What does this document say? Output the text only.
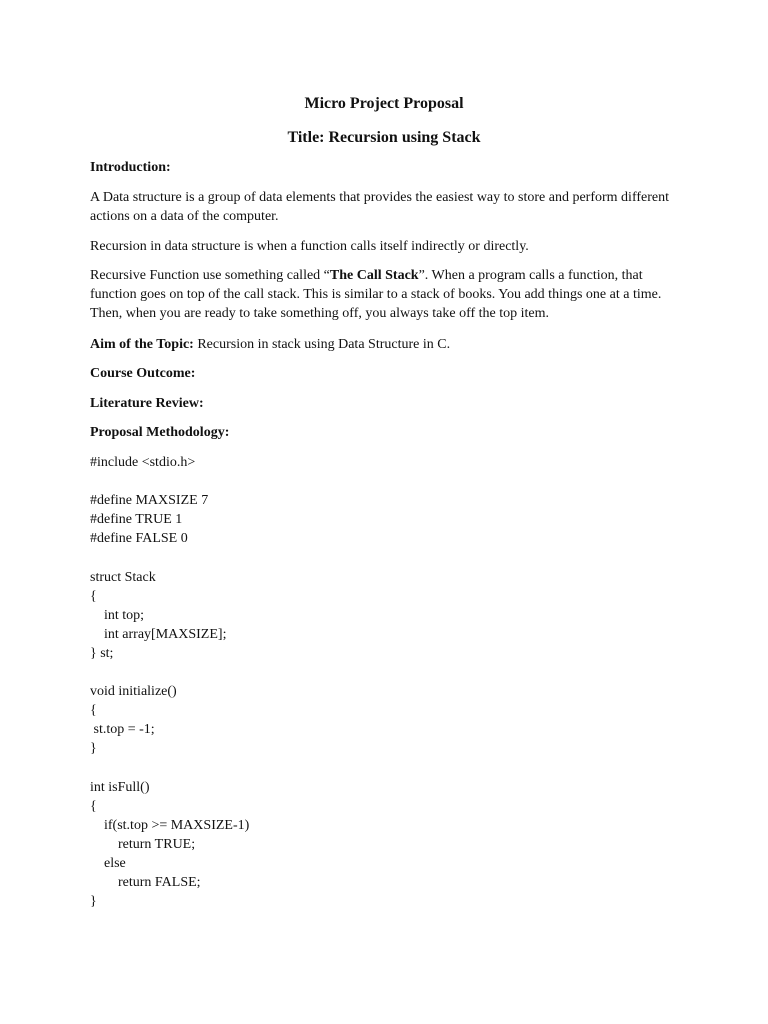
Micro Project Proposal
Title: Recursion using Stack
Introduction:

A Data structure is a group of data elements that provides the easiest way to store and perform different actions on a data of the computer.

Recursion in data structure is when a function calls itself indirectly or directly.

Recursive Function use something called “The Call Stack”. When a program calls a function, that function goes on top of the call stack. This is similar to a stack of books. You add things one at a time. Then, when you are ready to take something off, you always take off the top item.

Aim of the Topic: Recursion in stack using Data Structure in C.

Course Outcome:
Literature Review:
Proposal Methodology:
#include <stdio.h>
#define MAXSIZE 7
#define TRUE 1
#define FALSE 0
struct Stack
{
int top;
int array[MAXSIZE];
} st;
void initialize()
{
st.top = -1;
}
int isFull()
{
if(st.top >= MAXSIZE-1)
return TRUE;
else
return FALSE;
}
